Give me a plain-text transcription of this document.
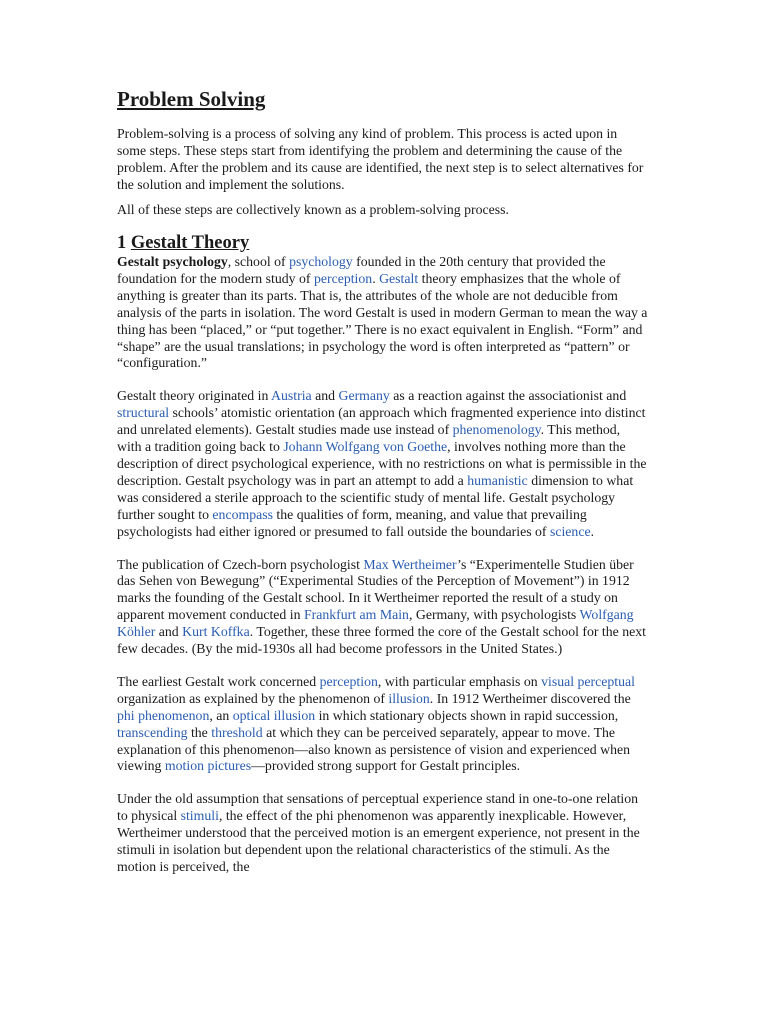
Problem Solving

Problem-solving is a process of solving any kind of problem. This process is acted upon in some steps. These steps start from identifying the problem and determining the cause of the problem. After the problem and its cause are identified, the next step is to select alternatives for the solution and implement the solutions.

All of these steps are collectively known as a problem-solving process.

1 Gestalt Theory

Gestalt psychology, school of psychology founded in the 20th century that provided the foundation for the modern study of perception. Gestalt theory emphasizes that the whole of anything is greater than its parts. That is, the attributes of the whole are not deducible from analysis of the parts in isolation. The word Gestalt is used in modern German to mean the way a thing has been “placed,” or “put together.” There is no exact equivalent in English. “Form” and “shape” are the usual translations; in psychology the word is often interpreted as “pattern” or “configuration.”

Gestalt theory originated in Austria and Germany as a reaction against the associationist and structural schools’ atomistic orientation (an approach which fragmented experience into distinct and unrelated elements). Gestalt studies made use instead of phenomenology. This method, with a tradition going back to Johann Wolfgang von Goethe, involves nothing more than the description of direct psychological experience, with no restrictions on what is permissible in the description. Gestalt psychology was in part an attempt to add a humanistic dimension to what was considered a sterile approach to the scientific study of mental life. Gestalt psychology further sought to encompass the qualities of form, meaning, and value that prevailing psychologists had either ignored or presumed to fall outside the boundaries of science.

The publication of Czech-born psychologist Max Wertheimer’s “Experimentelle Studien über das Sehen von Bewegung” (“Experimental Studies of the Perception of Movement”) in 1912 marks the founding of the Gestalt school. In it Wertheimer reported the result of a study on apparent movement conducted in Frankfurt am Main, Germany, with psychologists Wolfgang Köhler and Kurt Koffka. Together, these three formed the core of the Gestalt school for the next few decades. (By the mid-1930s all had become professors in the United States.)

The earliest Gestalt work concerned perception, with particular emphasis on visual perceptual organization as explained by the phenomenon of illusion. In 1912 Wertheimer discovered the phi phenomenon, an optical illusion in which stationary objects shown in rapid succession, transcending the threshold at which they can be perceived separately, appear to move. The explanation of this phenomenon—also known as persistence of vision and experienced when viewing motion pictures—provided strong support for Gestalt principles.

Under the old assumption that sensations of perceptual experience stand in one-to-one relation to physical stimuli, the effect of the phi phenomenon was apparently inexplicable. However, Wertheimer understood that the perceived motion is an emergent experience, not present in the stimuli in isolation but dependent upon the relational characteristics of the stimuli. As the motion is perceived, the
